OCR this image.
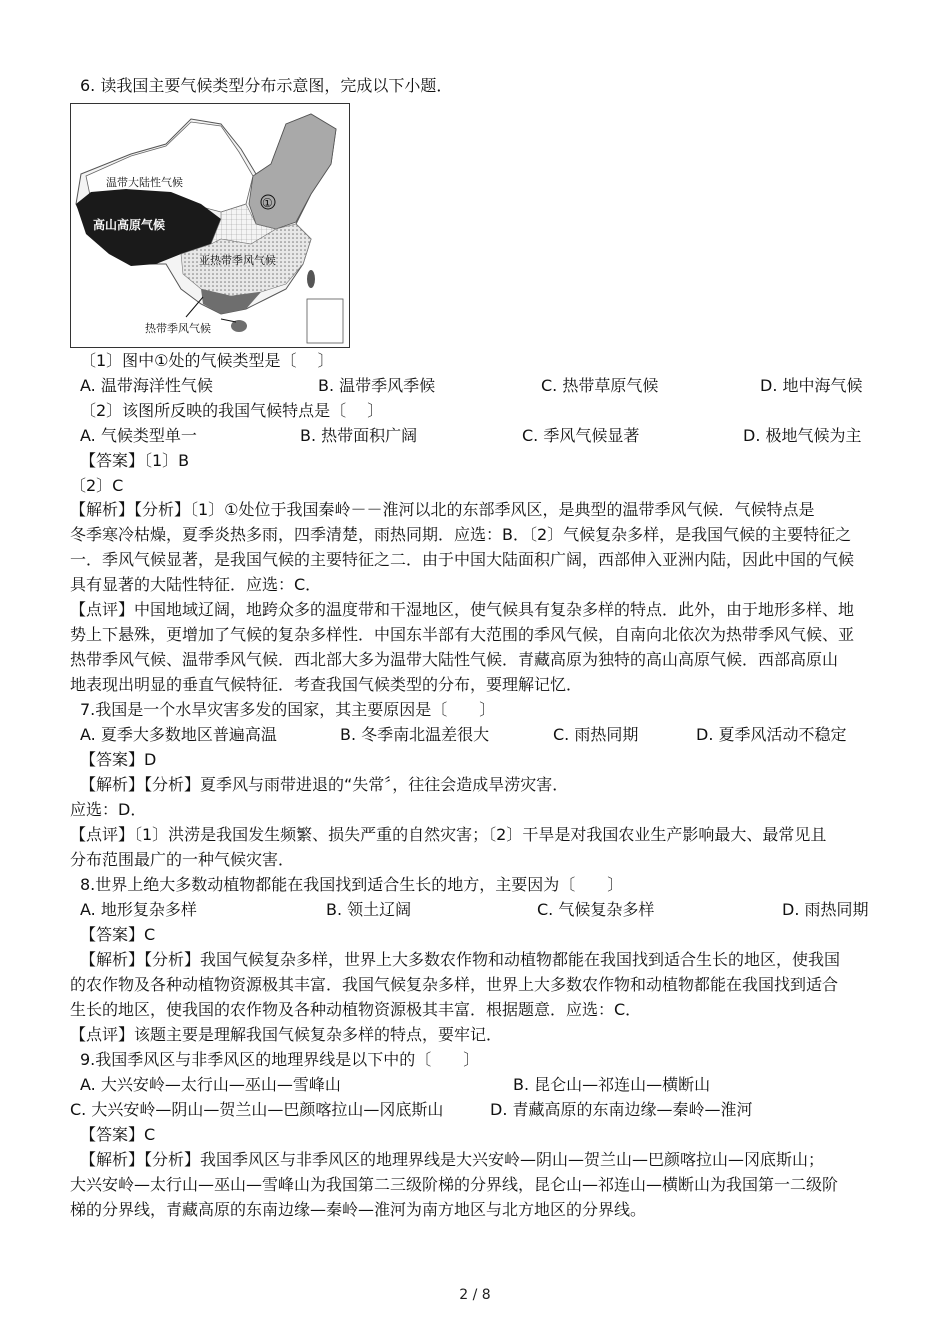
6. 读我国主要气候类型分布示意图，完成以下小题．
温带大陆性气候
高山高原气候
①
亚热带季风气候
热带季风气候
〔1〕图中①处的气候类型是〔　 〕
A. 温带海洋性气候	B. 温带季风季候	C. 热带草原气候	D. 地中海气候
〔2〕该图所反映的我国气候特点是〔　 〕
A. 气候类型单一	B. 热带面积广阔	C. 季风气候显著	D. 极地气候为主
【答案】〔1〕B
〔2〕C
【解析】【分析】〔1〕①处位于我国秦岭－－淮河以北的东部季风区，是典型的温带季风气候．气候特点是
冬季寒冷枯燥，夏季炎热多雨，四季清楚，雨热同期．应选：B．〔2〕气候复杂多样，是我国气候的主要特征之
一．季风气候显著，是我国气候的主要特征之二．由于中国大陆面积广阔，西部伸入亚洲内陆，因此中国的气候
具有显著的大陆性特征．应选：C．
【点评】中国地域辽阔，地跨众多的温度带和干湿地区，使气候具有复杂多样的特点．此外，由于地形多样、地
势上下悬殊，更增加了气候的复杂多样性．中国东半部有大范围的季风气候，自南向北依次为热带季风气候、亚
热带季风气候、温带季风气候．西北部大多为温带大陆性气候．青藏高原为独特的高山高原气候．西部高原山
地表现出明显的垂直气候特征．考查我国气候类型的分布，要理解记忆．
7.我国是一个水旱灾害多发的国家，其主要原因是〔　　〕
A. 夏季大多数地区普遍高温	B. 冬季南北温差很大	C. 雨热同期	D. 夏季风活动不稳定
【答案】D
【解析】【分析】夏季风与雨带进退的“失常〞，往往会造成旱涝灾害．
应选：D．
【点评】〔1〕洪涝是我国发生频繁、损失严重的自然灾害；〔2〕干旱是对我国农业生产影响最大、最常见且
分布范围最广的一种气候灾害．
8.世界上绝大多数动植物都能在我国找到适合生长的地方，主要因为〔　　〕
A. 地形复杂多样	B. 领土辽阔	C. 气候复杂多样	D. 雨热同期
【答案】C
【解析】【分析】我国气候复杂多样，世界上大多数农作物和动植物都能在我国找到适合生长的地区，使我国
的农作物及各种动植物资源极其丰富．我国气候复杂多样，世界上大多数农作物和动植物都能在我国找到适合
生长的地区，使我国的农作物及各种动植物资源极其丰富．根据题意．应选：C．
【点评】该题主要是理解我国气候复杂多样的特点，要牢记．
9.我国季风区与非季风区的地理界线是以下中的〔　　〕
A. 大兴安岭—太行山—巫山—雪峰山	B. 昆仑山—祁连山—横断山
C. 大兴安岭—阴山—贺兰山—巴颜喀拉山—冈底斯山	D. 青藏高原的东南边缘—秦岭—淮河
【答案】C
【解析】【分析】我国季风区与非季风区的地理界线是大兴安岭—阴山—贺兰山—巴颜喀拉山—冈底斯山；
大兴安岭—太行山—巫山—雪峰山为我国第二三级阶梯的分界线，昆仑山—祁连山—横断山为我国第一二级阶
梯的分界线，青藏高原的东南边缘—秦岭—淮河为南方地区与北方地区的分界线。
2 / 8
